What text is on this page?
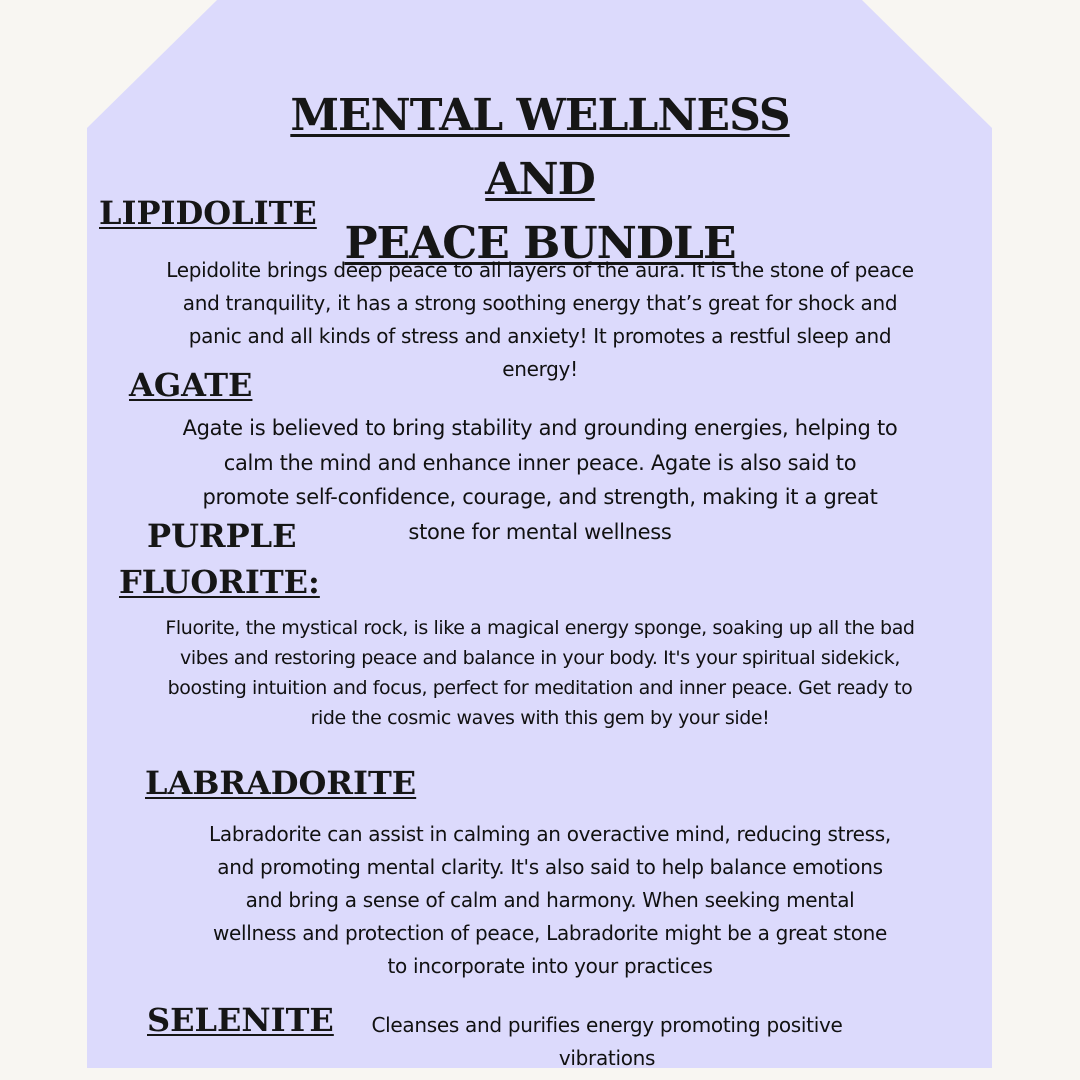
MENTAL WELLNESS AND
PEACE BUNDLE
LIPIDOLITE
Lepidolite brings deep peace to all layers of the aura. It is the stone of peace
and tranquility, it has a strong soothing energy that’s great for shock and
panic and all kinds of stress and anxiety! It promotes a restful sleep and
energy!
AGATE
Agate is believed to bring stability and grounding energies, helping to
calm the mind and enhance inner peace. Agate is also said to
promote self-confidence, courage, and strength, making it a great
stone for mental wellness
PURPLE
FLUORITE:
Fluorite, the mystical rock, is like a magical energy sponge, soaking up all the bad
vibes and restoring peace and balance in your body. It's your spiritual sidekick,
boosting intuition and focus, perfect for meditation and inner peace. Get ready to
ride the cosmic waves with this gem by your side!
LABRADORITE
Labradorite can assist in calming an overactive mind, reducing stress,
and promoting mental clarity. It's also said to help balance emotions
and bring a sense of calm and harmony. When seeking mental
wellness and protection of peace, Labradorite might be a great stone
to incorporate into your practices
SELENITE	Cleanses and purifies energy promoting positive
vibrations
